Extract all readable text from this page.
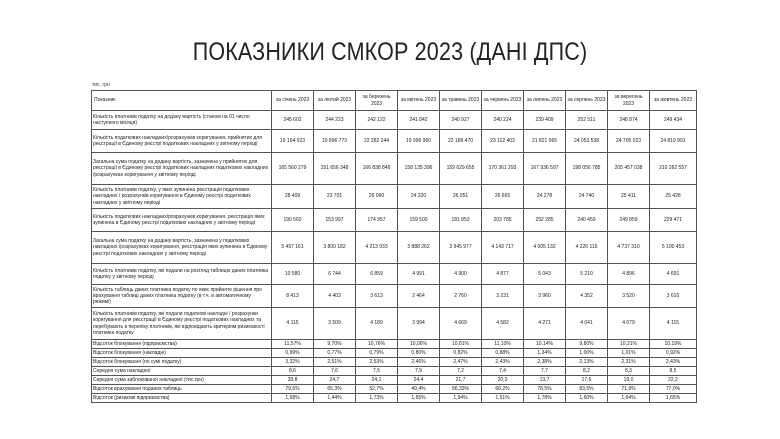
ПОКАЗНИКИ СМКОР 2023 (ДАНІ ДПС)
тис. грн
Показник	за січень 2023	за лютий 2023	за березень 2023	за квітень 2023	за травень 2023	за червень 2023	за липень 2023	за серпень 2023	за вересень 2023	за жовтень 2023
Кількість платників податку на додану вартість (станом на 01 число наступного місяця)	245 602	244 223	242 122	241 842	240 927	240 224	239 409	252 511	248 874	249 434
Кількість податкових накладних/розрахунків коригування, прийнятих для реєстрації в Єдиному реєстрі податкових накладних у звітному періоді	19 164 923	19 896 773	22 282 244	19 996 960	22 189 470	23 112 403	21 821 065	24 053 538	24 705 023	24 819 991
Загальна сума податку на додану вартість, зазначена у прийнятих для реєстрації в Єдиному реєстрі податкових накладних податкових накладних /розрахунках коригування у звітному періоді	165 560 279	151 656 348	166 838 849	158 135 396	159 629 655	170 361 293	167 936 597	198 056 785	205 457 038	210 262 557
Кількість платників податку, у яких зупинена реєстрація податкових накладних / розрахунків коригування в Єдиному реєстрі податкових накладних у звітному періоді	28 409	23 701	26 060	24 320	26 051	26 665	24 278	24 740	25 411	25 428
Кількість податкових накладних/розрахунків коригування, реєстрація яких зупинена в Єдиному реєстрі податкових накладних у звітному періоді	190 560	153 997	174 957	159 500	181 853	203 785	292 285	240 459	249 859	229 471
Загальна сума податку на додану вартість, зазначена у податкових накладних /розрахунках коригування, реєстрація яких зупинена в Єдиному реєстрі податкових накладних у звітному періоді	5 497 161	3 809 182	4 213 933	3 888 262	3 945 977	4 143 717	4 005 132	4 226 115	4 737 310	5 100 453
Кількість платників податку, які подали на розгляд таблицю даних платника податку у звітному періоді	10 580	6 744	6 859	4 991	4 900	4 877	5 043	5 210	4 896	4 691
Кількість таблиць даних платника податку по яких прийняте рішення про врахування таблиці даних платника податку (в т.ч. в автоматичному режимі)	8 413	4 403	3 613	2 464	2 760	3 231	3 960	4 352	3 520	3 610
Кількість платників податку, які подали податкові накладні / розрахунки коригування для реєстрації в Єдиному реєстрі податкових накладних та перебувають в переліку платників, які відповідають критеріям ризиковості платника податку	4 115	3 509	4 189	3 994	4 669	4 582	4 271	4 041	4 079	4 115
Відсоток блокування (підприємства)	11,57%	9,70%	10,76%	10,06%	10,81%	11,10%	10,14%	9,80%	10,21%	10,19%
Відсоток блокування (накладні)	0,99%	0,77%	0,79%	0,80%	0,82%	0,88%	1,34%	1,00%	1,01%	0,92%
Відсоток блокування (по сумі податку)	3,32%	2,51%	2,53%	2,46%	2,47%	2,43%	2,38%	2,13%	2,31%	2,43%
Середня сума накладної	8,6	7,6	7,5	7,9	7,2	7,4	7,7	8,2	8,3	8,5
Середня сума заблокованої накладної (тис.грн)	28,8	24,7	24,1	24,4	21,7	20,3	13,7	17,6	19,0	22,2
Відсоток врахування поданих таблиць	79,5%	65,3%	52,7%	49,4%	56,33%	66,2%	78,5%	83,5%	71,9%	77,0%
Відсоток (ризикові підприємства)	1,68%	1,44%	1,73%	1,65%	1,94%	1,91%	1,78%	1,60%	1,64%	1,65%
